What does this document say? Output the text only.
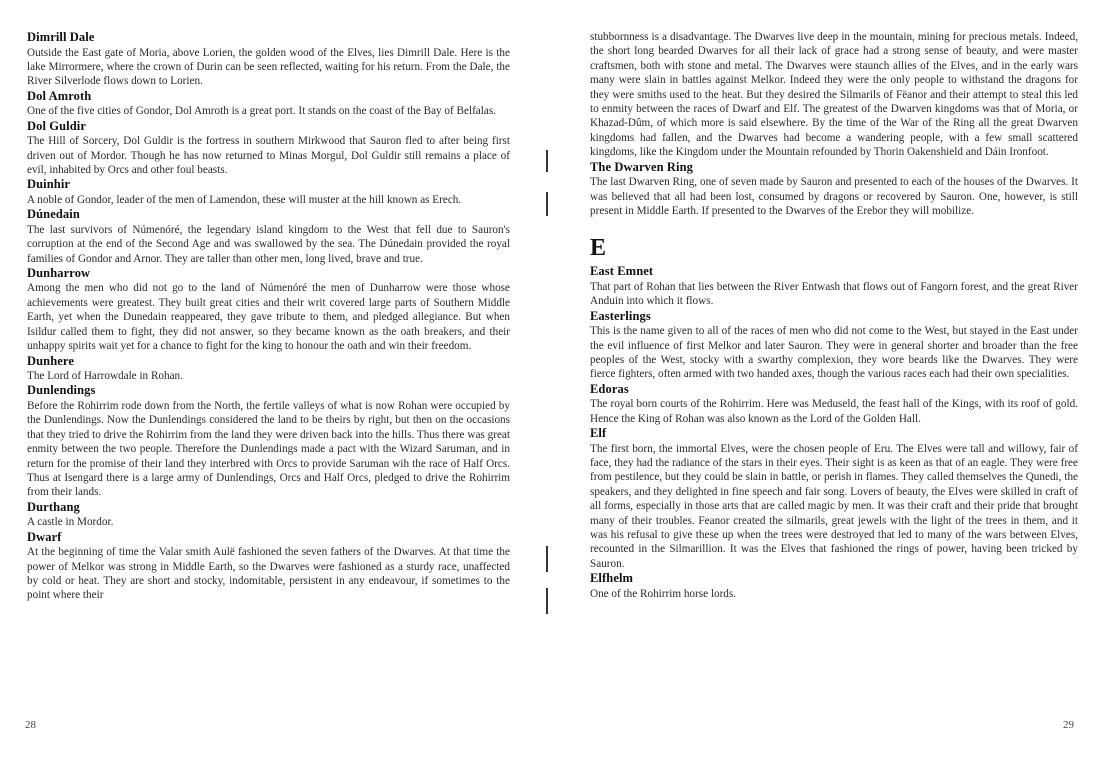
Dimrill Dale
Outside the East gate of Moria, above Lorien, the golden wood of the Elves, lies Dimrill Dale. Here is the lake Mirrormere, where the crown of Durin can be seen reflected, waiting for his return. From the Dale, the River Silverlode flows down to Lorien.
Dol Amroth
One of the five cities of Gondor, Dol Amroth is a great port. It stands on the coast of the Bay of Belfalas.
Dol Guldir
The Hill of Sorcery, Dol Guldir is the fortress in southern Mirkwood that Sauron fled to after being first driven out of Mordor. Though he has now returned to Minas Morgul, Dol Guldir still remains a place of evil, inhabited by Orcs and other foul beasts.
Duinhir
A noble of Gondor, leader of the men of Lamendon, these will muster at the hill known as Erech.
Dúnedain
The last survivors of Númenóré, the legendary island kingdom to the West that fell due to Sauron's corruption at the end of the Second Age and was swallowed by the sea. The Dúnedain provided the royal families of Gondor and Arnor. They are taller than other men, long lived, brave and true.
Dunharrow
Among the men who did not go to the land of Númenóré the men of Dunharrow were those whose achievements were greatest. They built great cities and their writ covered large parts of Southern Middle Earth, yet when the Dunedain reappeared, they gave tribute to them, and pledged allegiance. But when Isildur called them to fight, they did not answer, so they became known as the oath breakers, and their unhappy spirits wait yet for a chance to fight for the king to honour the oath and win their freedom.
Dunhere
The Lord of Harrowdale in Rohan.
Dunlendings
Before the Rohirrim rode down from the North, the fertile valleys of what is now Rohan were occupied by the Dunlendings. Now the Dunlendings considered the land to be theirs by right, but then on the occasions that they tried to drive the Rohirrim from the land they were driven back into the hills. Thus there was great enmity between the two people. Therefore the Dunlendings made a pact with the Wizard Saruman, and in return for the promise of their land they interbred with Orcs to provide Saruman wih the race of Half Orcs. Thus at Isengard there is a large army of Dunlendings, Orcs and Half Orcs, pledged to drive the Rohirrim from their lands.
Durthang
A castle in Mordor.
Dwarf
At the beginning of time the Valar smith Aulë fashioned the seven fathers of the Dwarves. At that time the power of Melkor was strong in Middle Earth, so the Dwarves were fashioned as a sturdy race, unaffected by cold or heat. They are short and stocky, indomitable, persistent in any endeavour, if sometimes to the point where their
28
stubbornness is a disadvantage. The Dwarves live deep in the mountain, mining for precious metals. Indeed, the short long bearded Dwarves for all their lack of grace had a strong sense of beauty, and were master craftsmen, both with stone and metal. The Dwarves were staunch allies of the Elves, and in the early wars many were slain in battles against Melkor. Indeed they were the only people to withstand the dragons for they were smiths used to the heat. But they desired the Silmarils of Fëanor and their attempt to steal this led to enmity between the races of Dwarf and Elf. The greatest of the Dwarven kingdoms was that of Moria, or Khazad-Dûm, of which more is said elsewhere. By the time of the War of the Ring all the great Dwarven kingdoms had fallen, and the Dwarves had become a wandering people, with a few small scattered kingdoms, like the Kingdom under the Mountain refounded by Thorin Oakenshield and Dáin Ironfoot.
The Dwarven Ring
The last Dwarven Ring, one of seven made by Sauron and presented to each of the houses of the Dwarves. It was believed that all had been lost, consumed by dragons or recovered by Sauron. One, however, is still present in Middle Earth. If presented to the Dwarves of the Erebor they will mobilize.
E
East Emnet
That part of Rohan that lies between the River Entwash that flows out of Fangorn forest, and the great River Anduin into which it flows.
Easterlings
This is the name given to all of the races of men who did not come to the West, but stayed in the East under the evil influence of first Melkor and later Sauron. They were in general shorter and broader than the free peoples of the West, stocky with a swarthy complexion, they wore beards like the Dwarves. They were fierce fighters, often armed with two handed axes, though the various races each had their own specialities.
Edoras
The royal born courts of the Rohirrim. Here was Meduseld, the feast hall of the Kings, with its roof of gold. Hence the King of Rohan was also known as the Lord of the Golden Hall.
Elf
The first born, the immortal Elves, were the chosen people of Eru. The Elves were tall and willowy, fair of face, they had the radiance of the stars in their eyes. Their sight is as keen as that of an eagle. They were free from pestilence, but they could be slain in battle, or perish in flames. They called themselves the Qunedi, the speakers, and they delighted in fine speech and fair song. Lovers of beauty, the Elves were skilled in craft of all forms, especially in those arts that are called magic by men. It was their craft and their pride that brought many of their troubles. Feanor created the silmarils, great jewels with the light of the trees in them, and it was his refusal to give these up when the trees were destroyed that led to many of the wars between Elves, recounted in the Silmarillion. It was the Elves that fashioned the rings of power, having been tricked by Sauron.
Elfhelm
One of the Rohirrim horse lords.
29
